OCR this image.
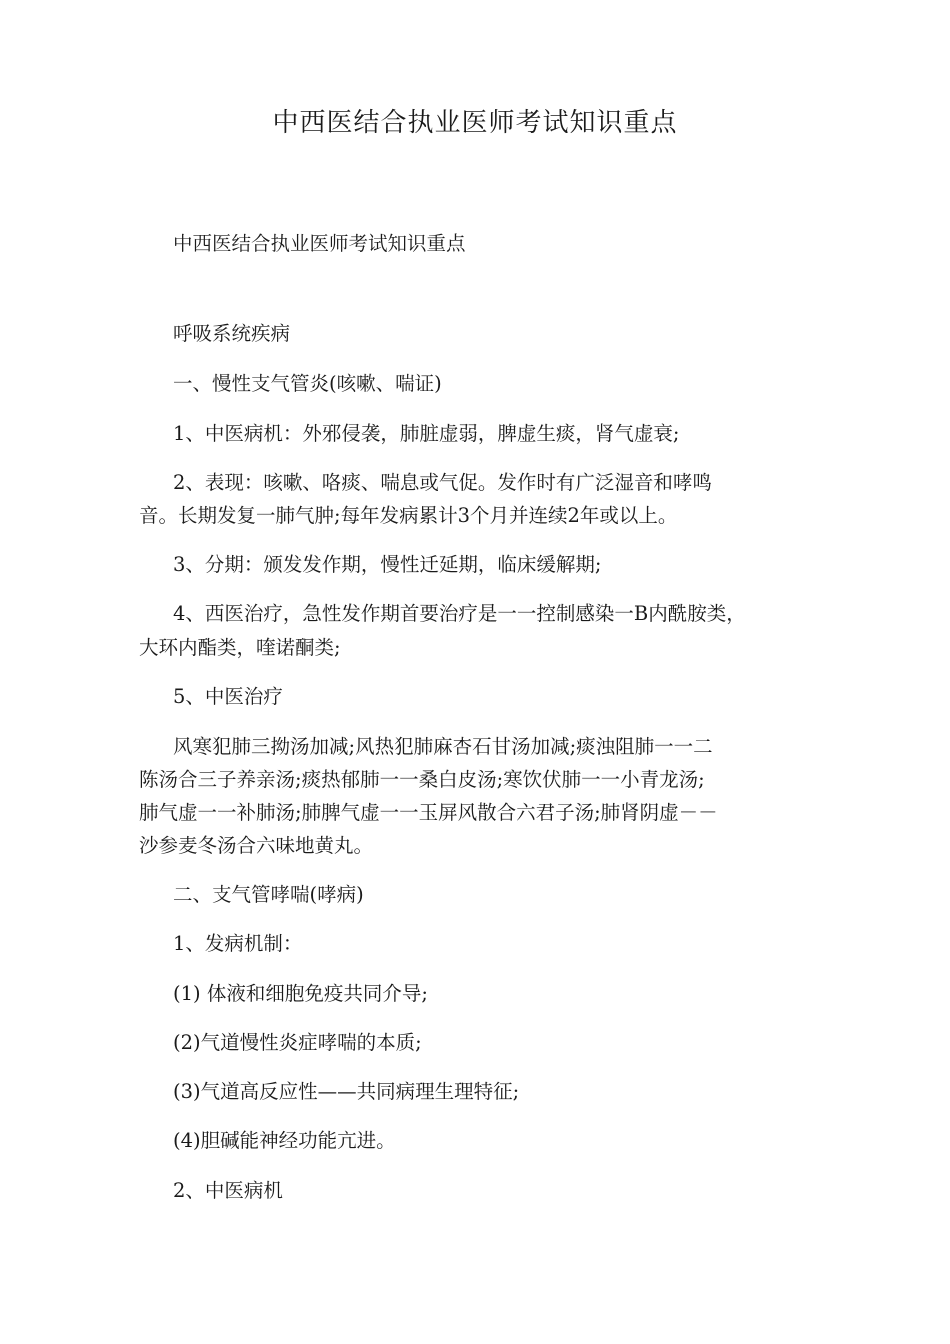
中西医结合执业医师考试知识重点

中西医结合执业医师考试知识重点

呼吸系统疾病

一、慢性支气管炎(咳嗽、喘证)

1、中医病机：外邪侵袭，肺脏虚弱，脾虚生痰，肾气虚衰;

2、表现：咳嗽、咯痰、喘息或气促。发作时有广泛湿音和哮鸣

音。长期发复一肺气肿;每年发病累计3个月并连续2年或以上。

3、分期：颁发发作期，慢性迁延期，临床缓解期;

4、西医治疗，急性发作期首要治疗是一一控制感染一B内酰胺类，

大环内酯类，喹诺酮类;

5、中医治疗

风寒犯肺三拗汤加减;风热犯肺麻杏石甘汤加减;痰浊阻肺一一二

陈汤合三子养亲汤;痰热郁肺一一桑白皮汤;寒饮伏肺一一小青龙汤;

肺气虚一一补肺汤;肺脾气虚一一玉屏风散合六君子汤;肺肾阴虚－－

沙参麦冬汤合六味地黄丸。

二、支气管哮喘(哮病)

1、发病机制：

(1) 体液和细胞免疫共同介导;

(2)气道慢性炎症哮喘的本质;

(3)气道高反应性——共同病理生理特征;

(4)胆碱能神经功能亢进。

2、中医病机
